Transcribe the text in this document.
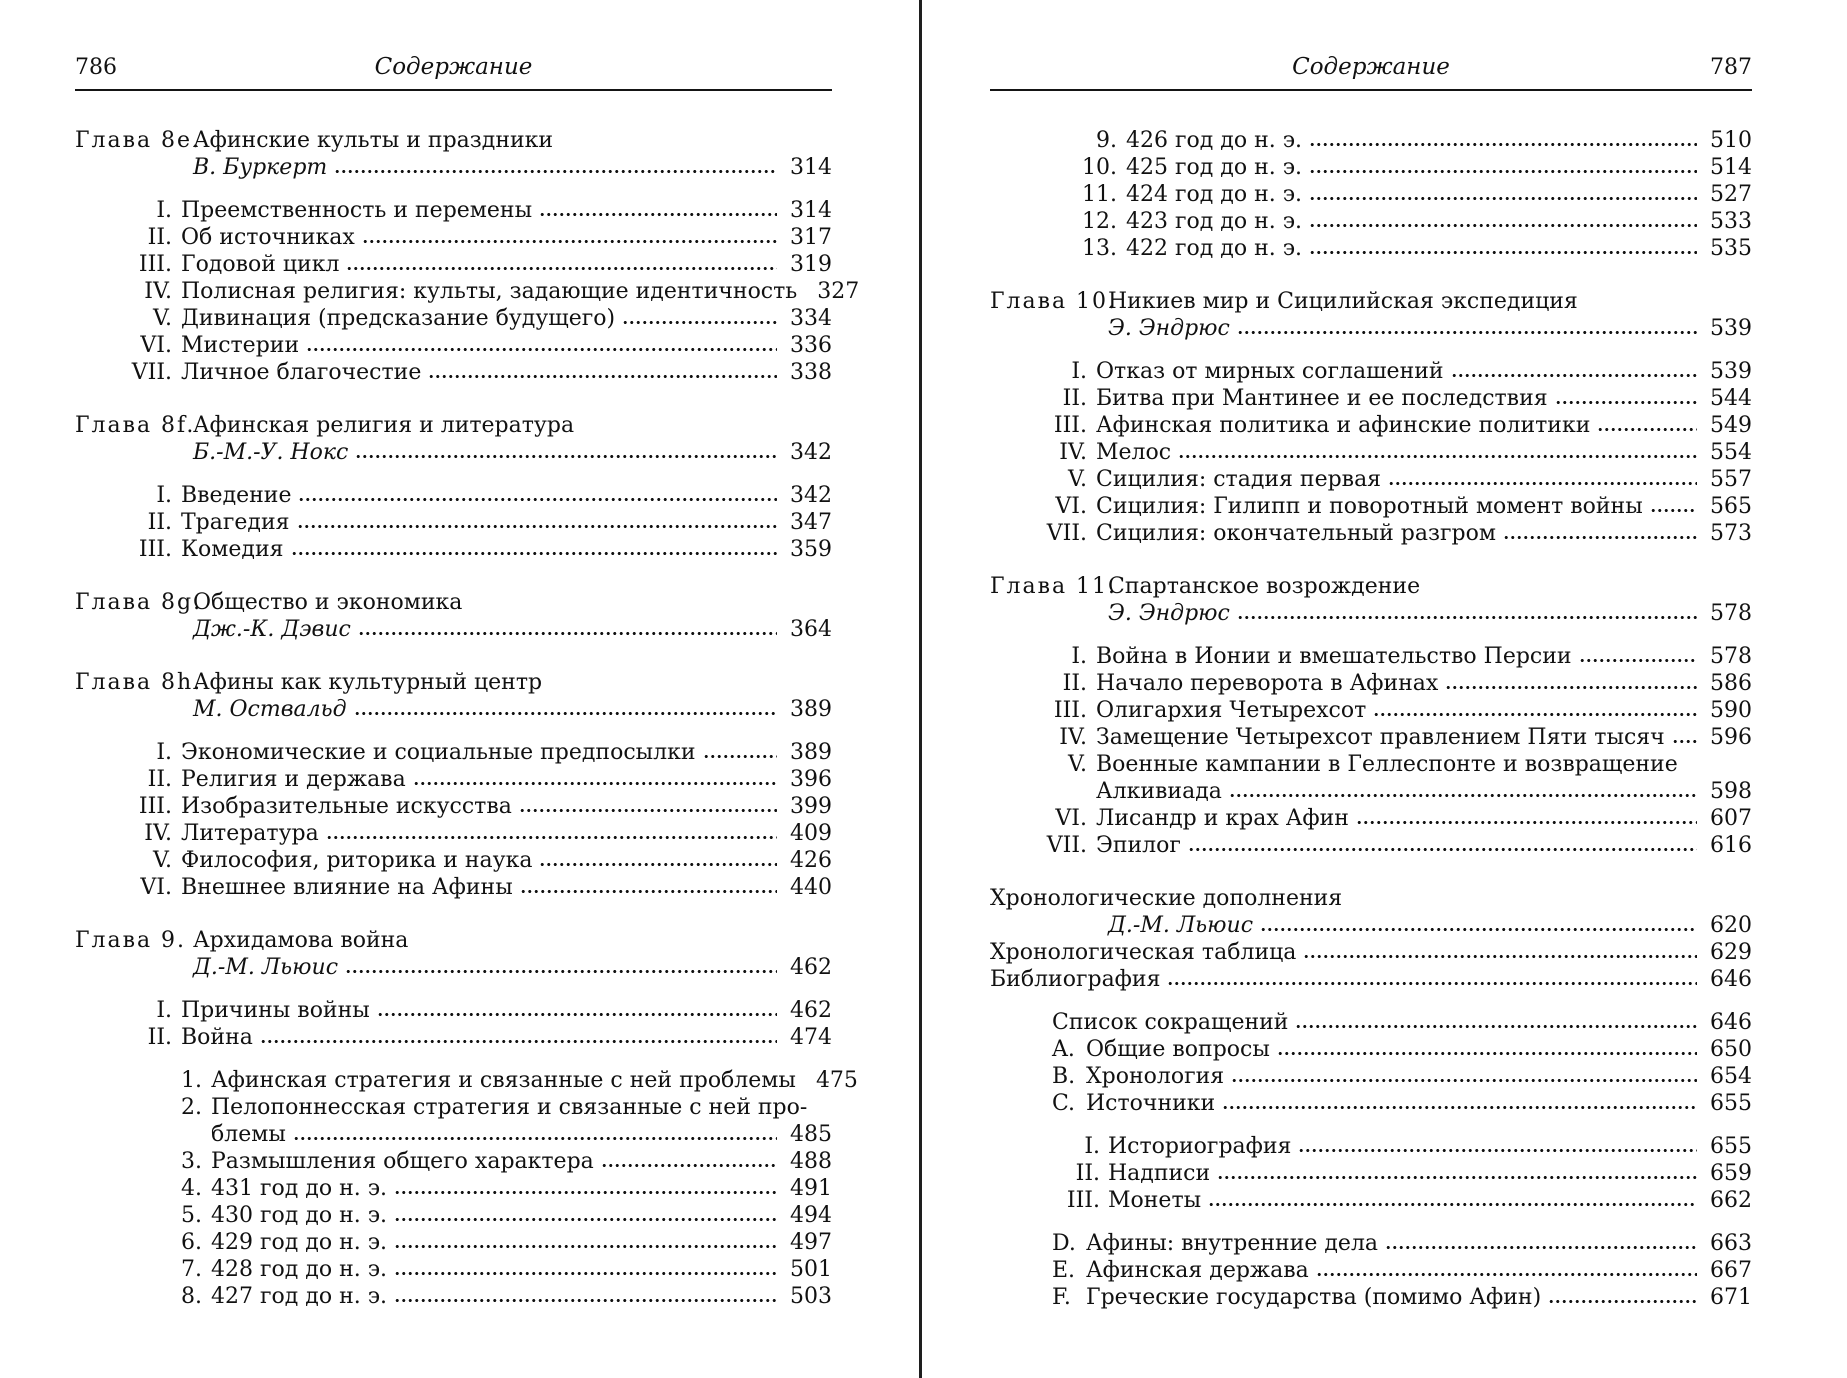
786	Содержание
Глава 8е.
Афинские культы и праздники
В. Буркерт	314
I. Преемственность и перемены	314
II. Об источниках	317
III. Годовой цикл	319
IV. Полисная религия: культы, задающие идентичность 327
V. Дивинация (предсказание будущего)	334
VI. Мистерии	336
VII. Личное благочестие	338
Глава 8f.
Афинская религия и литература
Б.-М.-У. Нокс	342
I. Введение	342
II. Трагедия	347
III. Комедия	359
Глава 8g.
Общество и экономика
Дж.-К. Дэвис	364
Глава 8h.
Афины как культурный центр
М. Оствальд	389
I. Экономические и социальные предпосылки	389
II. Религия и держава	396
III. Изобразительные искусства	399
IV. Литература	409
V. Философия, риторика и наука	426
VI. Внешнее влияние на Афины	440
Глава 9. Архидамова война
Д.-М. Льюис	462
I. Причины войны	462
II. Война	474
1. Афинская стратегия и связанные с ней проблемы 475
2. Пелопоннесская стратегия и связанные с ней про-
блемы	485
3. Размышления общего характера	488
4. 431 год до н. э.	491
5. 430 год до н. э.	494
6. 429 год до н. э.	497
7. 428 год до н. э.	501
8. 427 год до н. э.	503
Содержание	787
9. 426 год до н. э.	510
10. 425 год до н. э.	514
11. 424 год до н. э.	527
12. 423 год до н. э.	533
13. 422 год до н. э.	535
Глава 10.
Никиев мир и Сицилийская экспедиция
Э. Эндрюс	539
I. Отказ от мирных соглашений	539
II. Битва при Мантинее и ее последствия	544
III. Афинская политика и афинские политики	549
IV. Мелос	554
V. Сицилия: стадия первая	557
VI. Сицилия: Гилипп и поворотный момент войны	565
VII. Сицилия: окончательный разгром	573
Глава 11.
Спартанское возрождение
Э. Эндрюс	578
I. Война в Ионии и вмешательство Персии	578
II. Начало переворота в Афинах	586
III. Олигархия Четырехсот	590
IV. Замещение Четырехсот правлением Пяти тысяч 596
V. Военные кампании в Геллеспонте и возвращение
Алкивиада	598
VI. Лисандр и крах Афин	607
VII. Эпилог	616
Хронологические дополнения
Д.-М. Льюис	620
Хронологическая таблица	629
Библиография	646
Список сокращений	646
A. Общие вопросы	650
B. Хронология	654
C. Источники	655
I. Историография	655
II. Надписи	659
III. Монеты	662
D. Афины: внутренние дела	663
E. Афинская держава	667
F. Греческие государства (помимо Афин)	671
